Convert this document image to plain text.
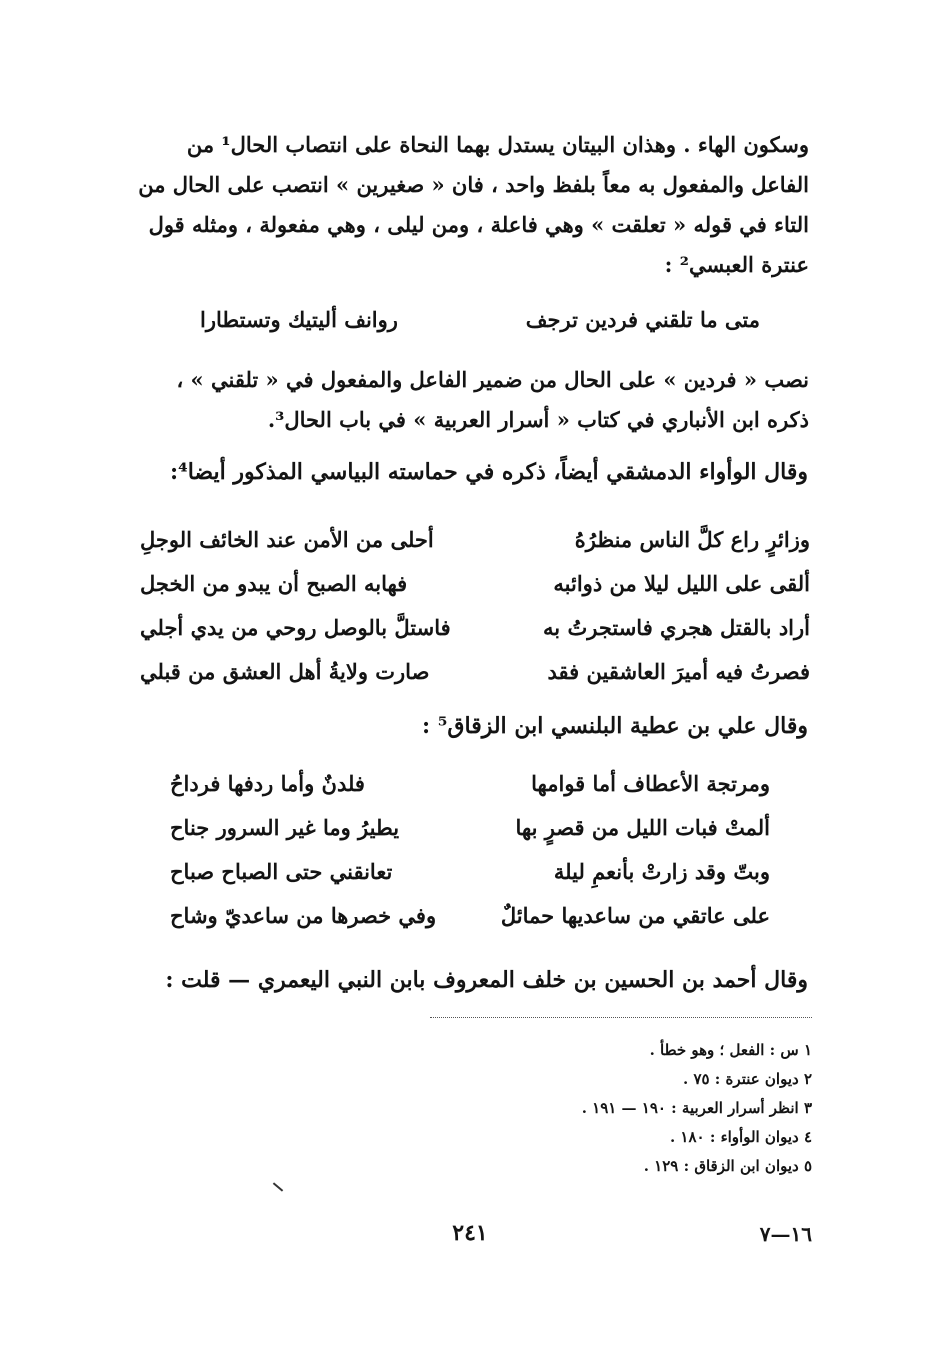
وسكون الهاء . وهذان البيتان يستدل بهما النحاة على انتصاب الحال¹ من
الفاعل والمفعول به معاً بلفظ واحد ، فان « صغيرين » انتصب على الحال من
التاء في قوله « تعلقت » وهي فاعلة ، ومن ليلى ، وهي مفعولة ، ومثله قول
عنترة العبسي² :
متى ما تلقني فردين ترجف
روانف أليتيك وتستطارا
نصب « فردين » على الحال من ضمير الفاعل والمفعول في « تلقني » ،
ذكره ابن الأنباري في كتاب « أسرار العربية » في باب الحال³.
وقال الوأواء الدمشقي أيضاً، ذكره في حماسته البياسي المذكور أيضا⁴:
وزائرٍ راع كلَّ الناس منظرُهُ
أحلى من الأمن عند الخائف الوجلِ
ألقى على الليل ليلا من ذوائبه
فهابه الصبح أن يبدو من الخجل
أراد بالقتل هجري فاستجرتُ به
فاستلَّ بالوصل روحي من يدي أجلي
فصرتُ فيه أميرَ العاشقين فقد
صارت ولايةُ أهل العشق من قبلي
وقال علي بن عطية البلنسي ابن الزقاق⁵ :
ومرتجة الأعطاف أما قوامها
فلدنٌ وأما ردفها فرداحُ
ألمتْ فبات الليل من قصرٍ بها
يطيرُ وما غير السرور جناح
وبتّ وقد زارتْ بأنعمِ ليلة
تعانقني حتى الصباح صباح
على عاتقي من ساعديها حمائلٌ
وفي خصرها من ساعديّ وشاح
وقال أحمد بن الحسين بن خلف المعروف بابن النبي اليعمري — قلت :
١ س : الفعل ؛ وهو خطأ .
٢ ديوان عنترة : ٧٥ .
٣ انظر أسرار العربية : ١٩٠ — ١٩١ .
٤ ديوان الوأواء : ١٨٠ .
٥ ديوان ابن الزقاق : ١٢٩ .
٢٤١	١٦—٧
